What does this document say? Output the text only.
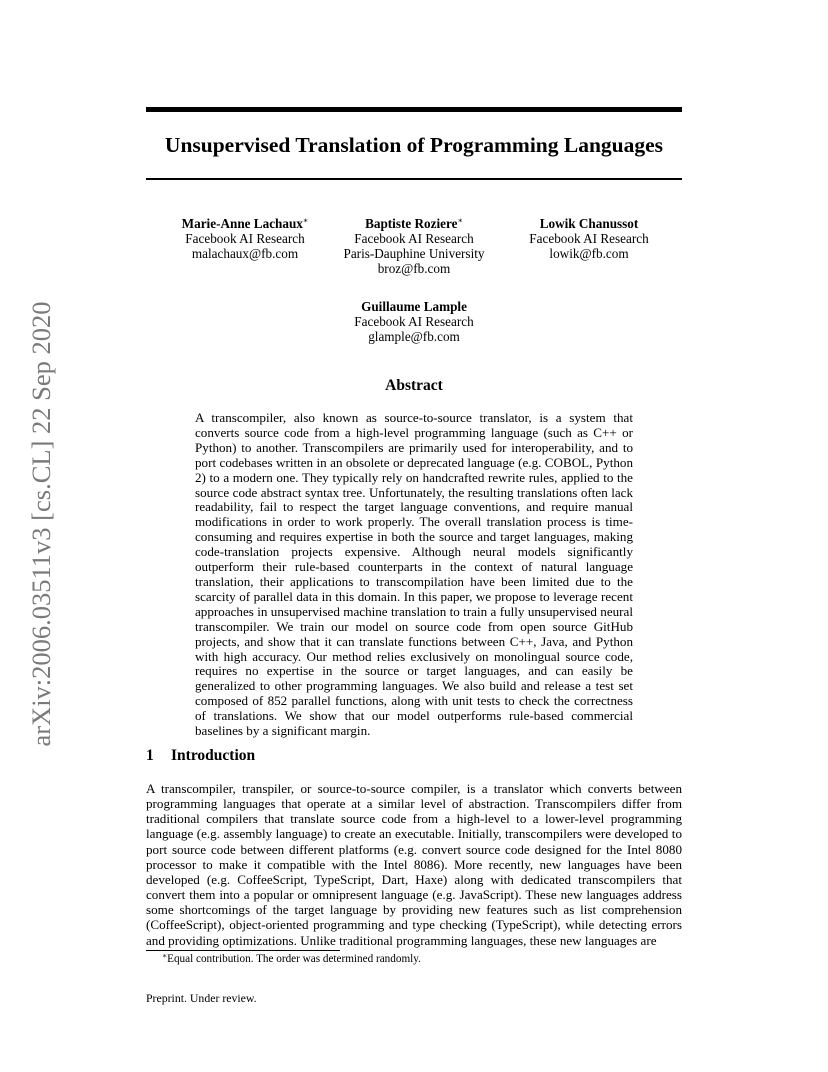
arXiv:2006.03511v3 [cs.CL] 22 Sep 2020
Unsupervised Translation of Programming Languages
Marie-Anne Lachaux∗
Facebook AI Research
malachaux@fb.com
Baptiste Roziere∗
Facebook AI Research
Paris-Dauphine University
broz@fb.com
Lowik Chanussot
Facebook AI Research
lowik@fb.com
Guillaume Lample
Facebook AI Research
glample@fb.com
Abstract

A transcompiler, also known as source-to-source translator, is a system that converts source code from a high-level programming language (such as C++ or Python) to another. Transcompilers are primarily used for interoperability, and to port codebases written in an obsolete or deprecated language (e.g. COBOL, Python 2) to a modern one. They typically rely on handcrafted rewrite rules, applied to the source code abstract syntax tree. Unfortunately, the resulting translations often lack readability, fail to respect the target language conventions, and require manual modifications in order to work properly. The overall translation process is time-consuming and requires expertise in both the source and target languages, making code-translation projects expensive. Although neural models significantly outperform their rule-based counterparts in the context of natural language translation, their applications to transcompilation have been limited due to the scarcity of parallel data in this domain. In this paper, we propose to leverage recent approaches in unsupervised machine translation to train a fully unsupervised neural transcompiler. We train our model on source code from open source GitHub projects, and show that it can translate functions between C++, Java, and Python with high accuracy. Our method relies exclusively on monolingual source code, requires no expertise in the source or target languages, and can easily be generalized to other programming languages. We also build and release a test set composed of 852 parallel functions, along with unit tests to check the correctness of translations. We show that our model outperforms rule-based commercial baselines by a significant margin.

1 Introduction

A transcompiler, transpiler, or source-to-source compiler, is a translator which converts between programming languages that operate at a similar level of abstraction. Transcompilers differ from traditional compilers that translate source code from a high-level to a lower-level programming language (e.g. assembly language) to create an executable. Initially, transcompilers were developed to port source code between different platforms (e.g. convert source code designed for the Intel 8080 processor to make it compatible with the Intel 8086). More recently, new languages have been developed (e.g. CoffeeScript, TypeScript, Dart, Haxe) along with dedicated transcompilers that convert them into a popular or omnipresent language (e.g. JavaScript). These new languages address some shortcomings of the target language by providing new features such as list comprehension (CoffeeScript), object-oriented programming and type checking (TypeScript), while detecting errors and providing optimizations. Unlike traditional programming languages, these new languages are

∗Equal contribution. The order was determined randomly.
Preprint. Under review.
